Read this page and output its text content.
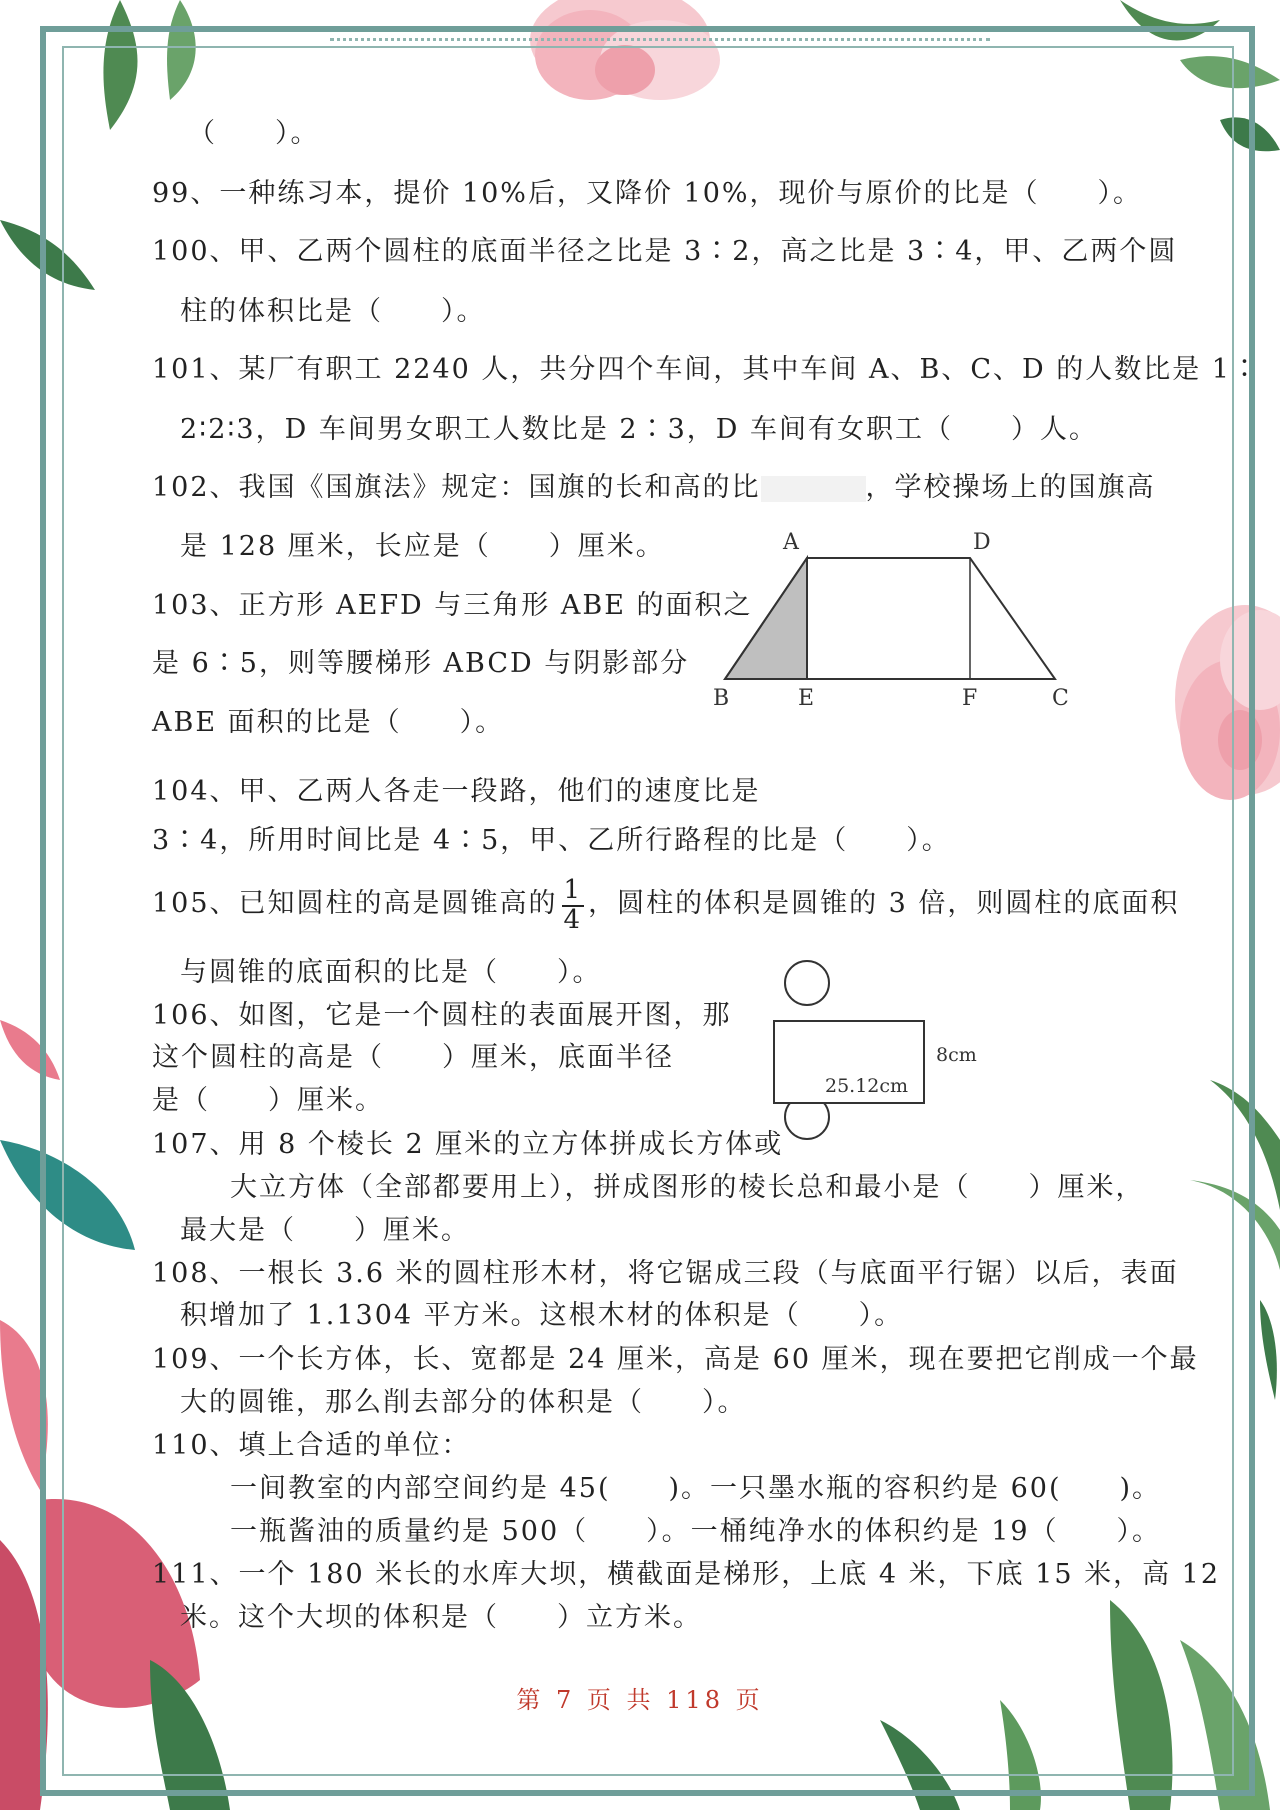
（　　）。
99、一种练习本，提价 10%后，又降价 10%，现价与原价的比是（　　）。
100、甲、乙两个圆柱的底面半径之比是 3∶2，高之比是 3∶4，甲、乙两个圆
柱的体积比是（　　）。
101、某厂有职工 2240 人，共分四个车间，其中车间 A、B、C、D 的人数比是 1∶
2∶2∶3，D 车间男女职工人数比是 2∶3，D 车间有女职工（　　）人。
102、我国《国旗法》规定：国旗的长和高的比	，学校操场上的国旗高
是 128 厘米，长应是（　　）厘米。
103、正方形 AEFD 与三角形 ABE 的面积之
是 6∶5，则等腰梯形 ABCD 与阴影部分
ABE 面积的比是（　　）。
104、甲、乙两人各走一段路，他们的速度比是
3∶4，所用时间比是 4∶5，甲、乙所行路程的比是（　　）。
105、已知圆柱的高是圆锥高的 $\frac{1}{4}$ ，圆柱的体积是圆锥的 3 倍，则圆柱的底面积
与圆锥的底面积的比是（　　）。
106、如图，它是一个圆柱的表面展开图，那
这个圆柱的高是（　　）厘米，底面半径
是（　　）厘米。
107、用 8 个棱长 2 厘米的立方体拼成长方体或
大立方体（全部都要用上），拼成图形的棱长总和最小是（　　）厘米，
最大是（　　）厘米。
108、一根长 3.6 米的圆柱形木材，将它锯成三段（与底面平行锯）以后，表面
积增加了 1.1304 平方米。这根木材的体积是（　　）。
109、一个长方体，长、宽都是 24 厘米，高是 60 厘米，现在要把它削成一个最
大的圆锥，那么削去部分的体积是（　　）。
110、填上合适的单位：
一间教室的内部空间约是 45(　　)。一只墨水瓶的容积约是 60(　　)。
一瓶酱油的质量约是 500（　　）。一桶纯净水的体积约是 19（　　）。
111、一个 180 米长的水库大坝，横截面是梯形，上底 4 米，下底 15 米，高 12
米。这个大坝的体积是（　　）立方米。
A	D
B	E	F	C
8cm
25.12cm
第 7 页 共 118 页
